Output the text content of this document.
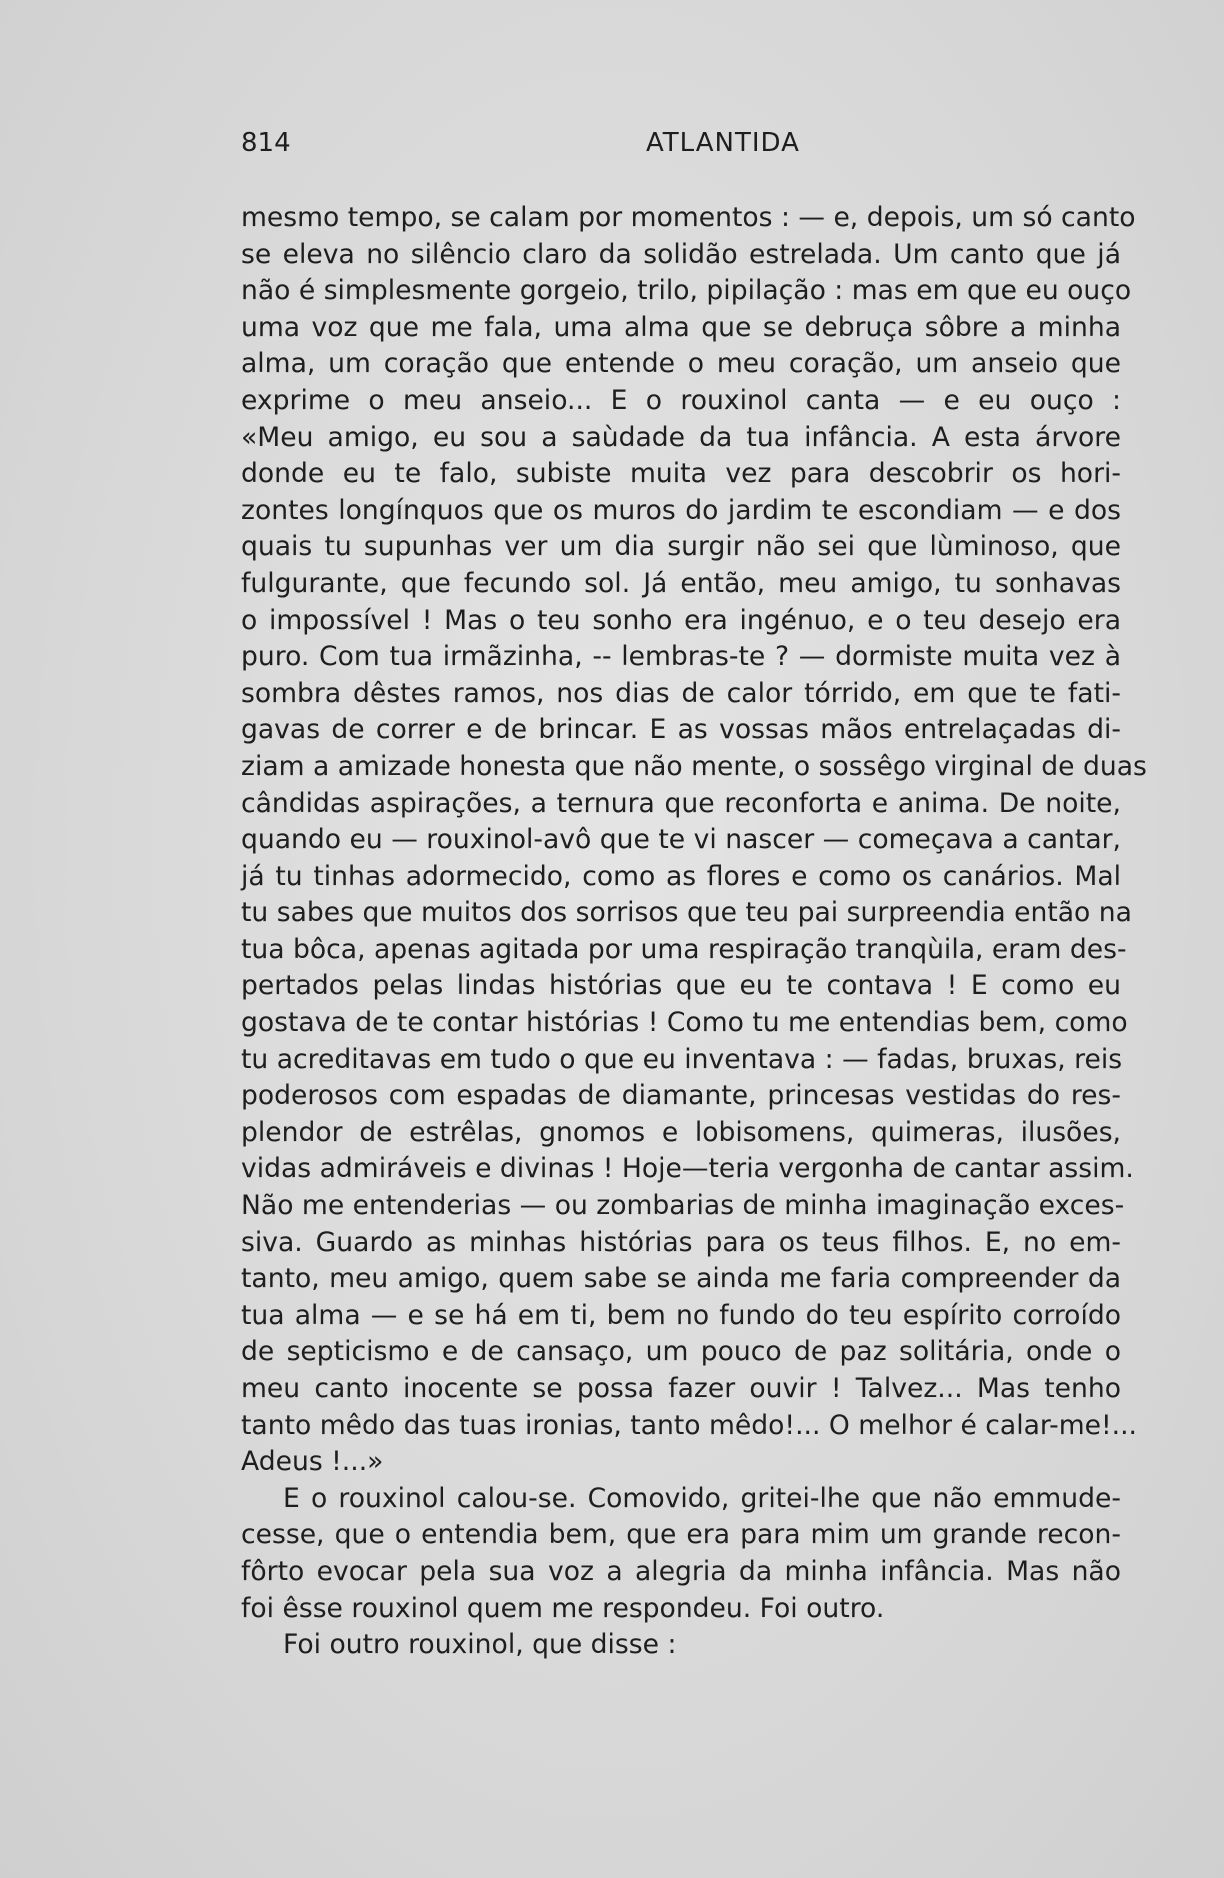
814	ATLANTIDA
mesmo tempo, se calam por momentos : — e, depois, um só canto
se eleva no silêncio claro da solidão estrelada. Um canto que já
não é simplesmente gorgeio, trilo, pipilação : mas em que eu ouço
uma voz que me fala, uma alma que se debruça sôbre a minha
alma, um coração que entende o meu coração, um anseio que
exprime o meu anseio... E o rouxinol canta — e eu ouço :
«Meu amigo, eu sou a saùdade da tua infância. A esta árvore
donde eu te falo, subiste muita vez para descobrir os hori-
zontes longínquos que os muros do jardim te escondiam — e dos
quais tu supunhas ver um dia surgir não sei que lùminoso, que
fulgurante, que fecundo sol. Já então, meu amigo, tu sonhavas
o impossível ! Mas o teu sonho era ingénuo, e o teu desejo era
puro. Com tua irmãzinha, -- lembras-te ? — dormiste muita vez à
sombra dêstes ramos, nos dias de calor tórrido, em que te fati-
gavas de correr e de brincar. E as vossas mãos entrelaçadas di-
ziam a amizade honesta que não mente, o sossêgo virginal de duas
cândidas aspirações, a ternura que reconforta e anima. De noite,
quando eu — rouxinol-avô que te vi nascer — começava a cantar,
já tu tinhas adormecido, como as flores e como os canários. Mal
tu sabes que muitos dos sorrisos que teu pai surpreendia então na
tua bôca, apenas agitada por uma respiração tranqùila, eram des-
pertados pelas lindas histórias que eu te contava ! E como eu
gostava de te contar histórias ! Como tu me entendias bem, como
tu acreditavas em tudo o que eu inventava : — fadas, bruxas, reis
poderosos com espadas de diamante, princesas vestidas do res-
plendor de estrêlas, gnomos e lobisomens, quimeras, ilusões,
vidas admiráveis e divinas ! Hoje—teria vergonha de cantar assim.
Não me entenderias — ou zombarias de minha imaginação exces-
siva. Guardo as minhas histórias para os teus filhos. E, no em-
tanto, meu amigo, quem sabe se ainda me faria compreender da
tua alma — e se há em ti, bem no fundo do teu espírito corroído
de septicismo e de cansaço, um pouco de paz solitária, onde o
meu canto inocente se possa fazer ouvir ! Talvez... Mas tenho
tanto mêdo das tuas ironias, tanto mêdo!... O melhor é calar-me!...
Adeus !...»
E o rouxinol calou-se. Comovido, gritei-lhe que não emmude-
cesse, que o entendia bem, que era para mim um grande recon-
fôrto evocar pela sua voz a alegria da minha infância. Mas não
foi êsse rouxinol quem me respondeu. Foi outro.
Foi outro rouxinol, que disse :
